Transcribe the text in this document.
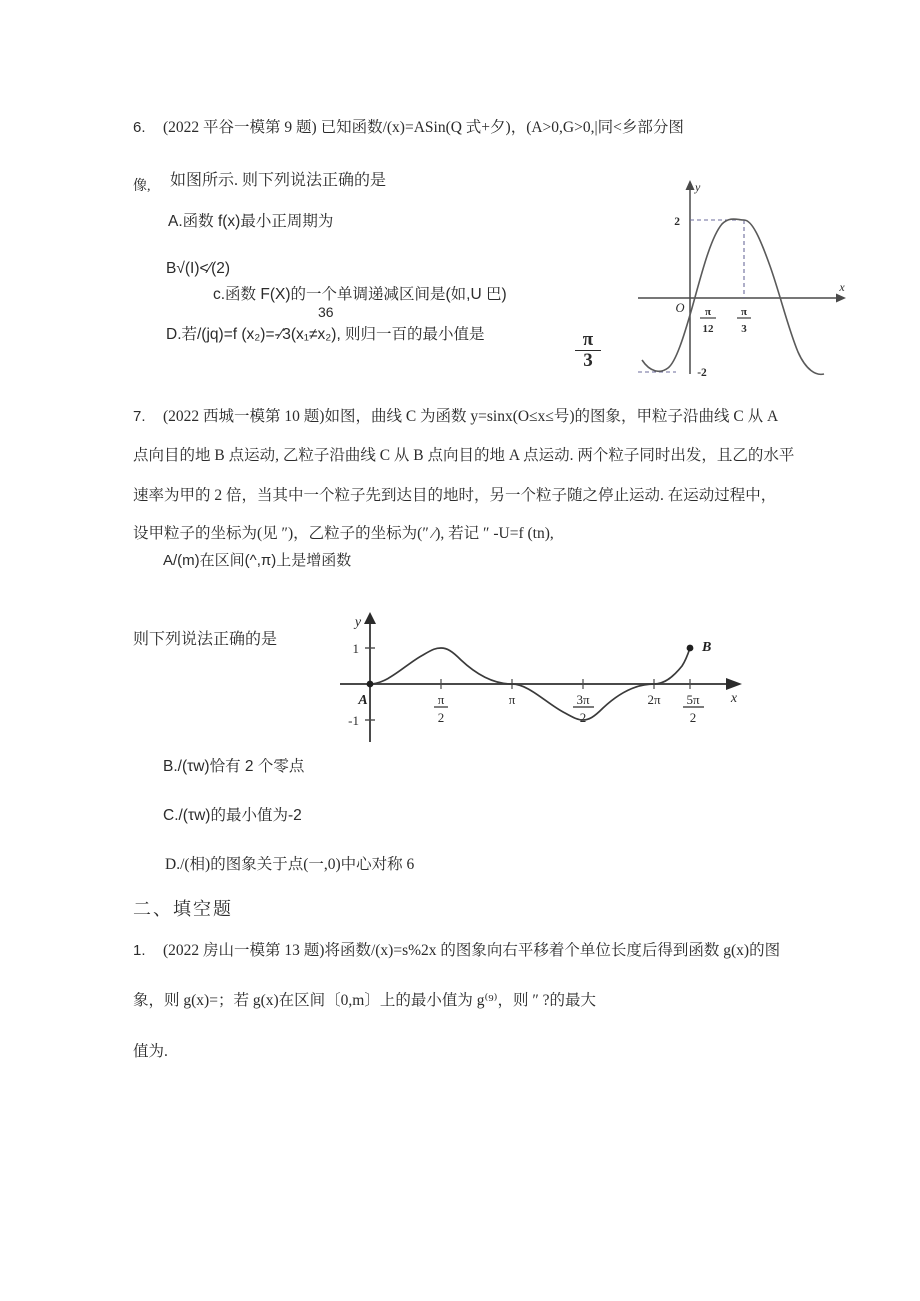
6. (2022 平谷一模第 9 题) 已知函数/(x)=ASin(Q 式+夕)，(A>0,G>0,|同<乡部分图
像, 如图所示. 则下列说法正确的是
A.函数 f(x)最小正周期为
B√(I)<⁄(2)
c.函数 F(X)的一个单调递减区间是(如,U 巴)
36
D.若/(jq)=f (x₂)=-∕3(x₁≠x₂), 则归一百的最小值是	$\frac{\pi}{3}$
2
-2
O
x
y
π
12
π
3
7. (2022 西城一模第 10 题)如图，曲线 C 为函数 y=sinx(O≤x≤号)的图象，甲粒子沿曲线 C 从 A
点向目的地 B 点运动, 乙粒子沿曲线 C 从 B 点向目的地 A 点运动. 两个粒子同时出发，且乙的水平
速率为甲的 2 倍，当其中一个粒子先到达目的地时，另一个粒子随之停止运动. 在运动过程中，
设甲粒子的坐标为(见 ″)，乙粒子的坐标为(″ ∕), 若记 ″ -U=f (tn),
A/(m)在区间(^,π)上是增函数
则下列说法正确的是
A
B
y
x
1
-1
π
2
π	3π
2
2π 5π
2
B./(τw)恰有 2 个零点
C./(τw)的最小值为-2
D./(相)的图象关于点(一,0)中心对称 6
二、填空题
1. (2022 房山一模第 13 题)将函数/(x)=s%2x 的图象向右平移着个单位长度后得到函数 g(x)的图
象，则 g(x)=；若 g(x)在区间〔0,m〕上的最小值为 g⁽⁹⁾，则 ″ ?的最大
值为.
